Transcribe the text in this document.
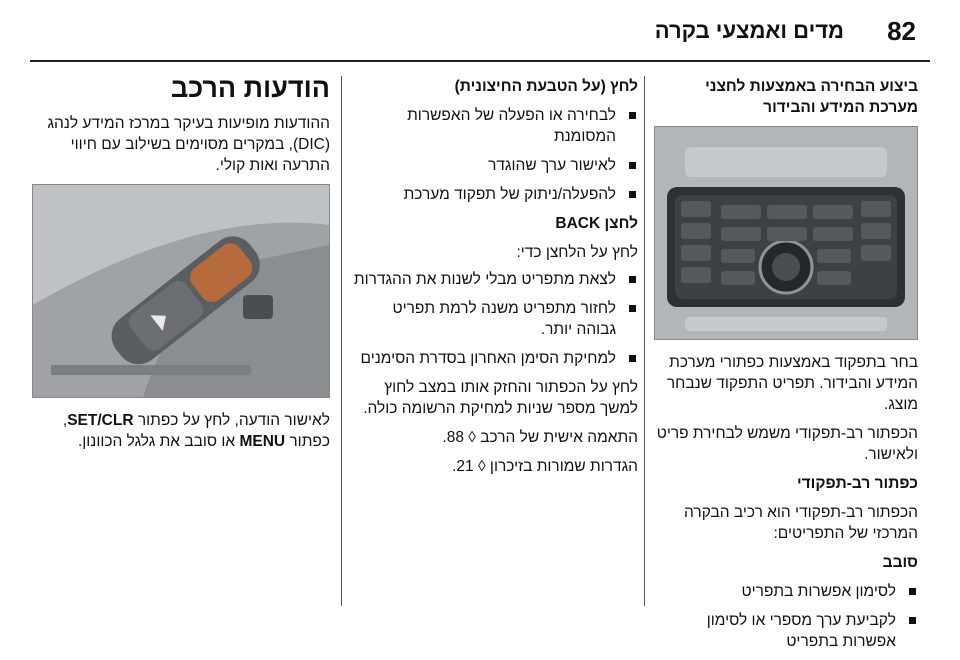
82
מדים ואמצעי בקרה
ביצוע הבחירה באמצעות לחצני מערכת המידע והבידור

בחר בתפקוד באמצעות כפתורי מערכת המידע והבידור. תפריט התפקוד שנבחר מוצג.

הכפתור רב-תפקודי משמש לבחירת פריט ולאישור.

כפתור רב-תפקודי

הכפתור רב-תפקודי הוא רכיב הבקרה המרכזי של התפריטים:

סובב
לסימון אפשרות בתפריט
לקביעת ערך מספרי או לסימון אפשרות בתפריט
לחץ (על הטבעת החיצונית)
לבחירה או הפעלה של האפשרות המסומנת
לאישור ערך שהוגדר
להפעלה/ניתוק של תפקוד מערכת
לחצן BACK

לחץ על הלחצן כדי:

לצאת מתפריט מבלי לשנות את ההגדרות
לחזור מתפריט משנה לרמת תפריט גבוהה יותר.
למחיקת הסימן האחרון בסדרת הסימנים

לחץ על הכפתור והחזק אותו במצב לחוץ למשך מספר שניות למחיקת הרשומה כולה.

התאמה אישית של הרכב ◊ 88.

הגדרות שמורות בזיכרון ◊ 21.

הודעות הרכב

ההודעות מופיעות בעיקר במרכז המידע לנהג (DIC), במקרים מסוימים בשילוב עם חיווי התרעה ואות קולי.

לאישור הודעה, לחץ על כפתור SET/CLR, כפתור MENU או סובב את גלגל הכוונון.
